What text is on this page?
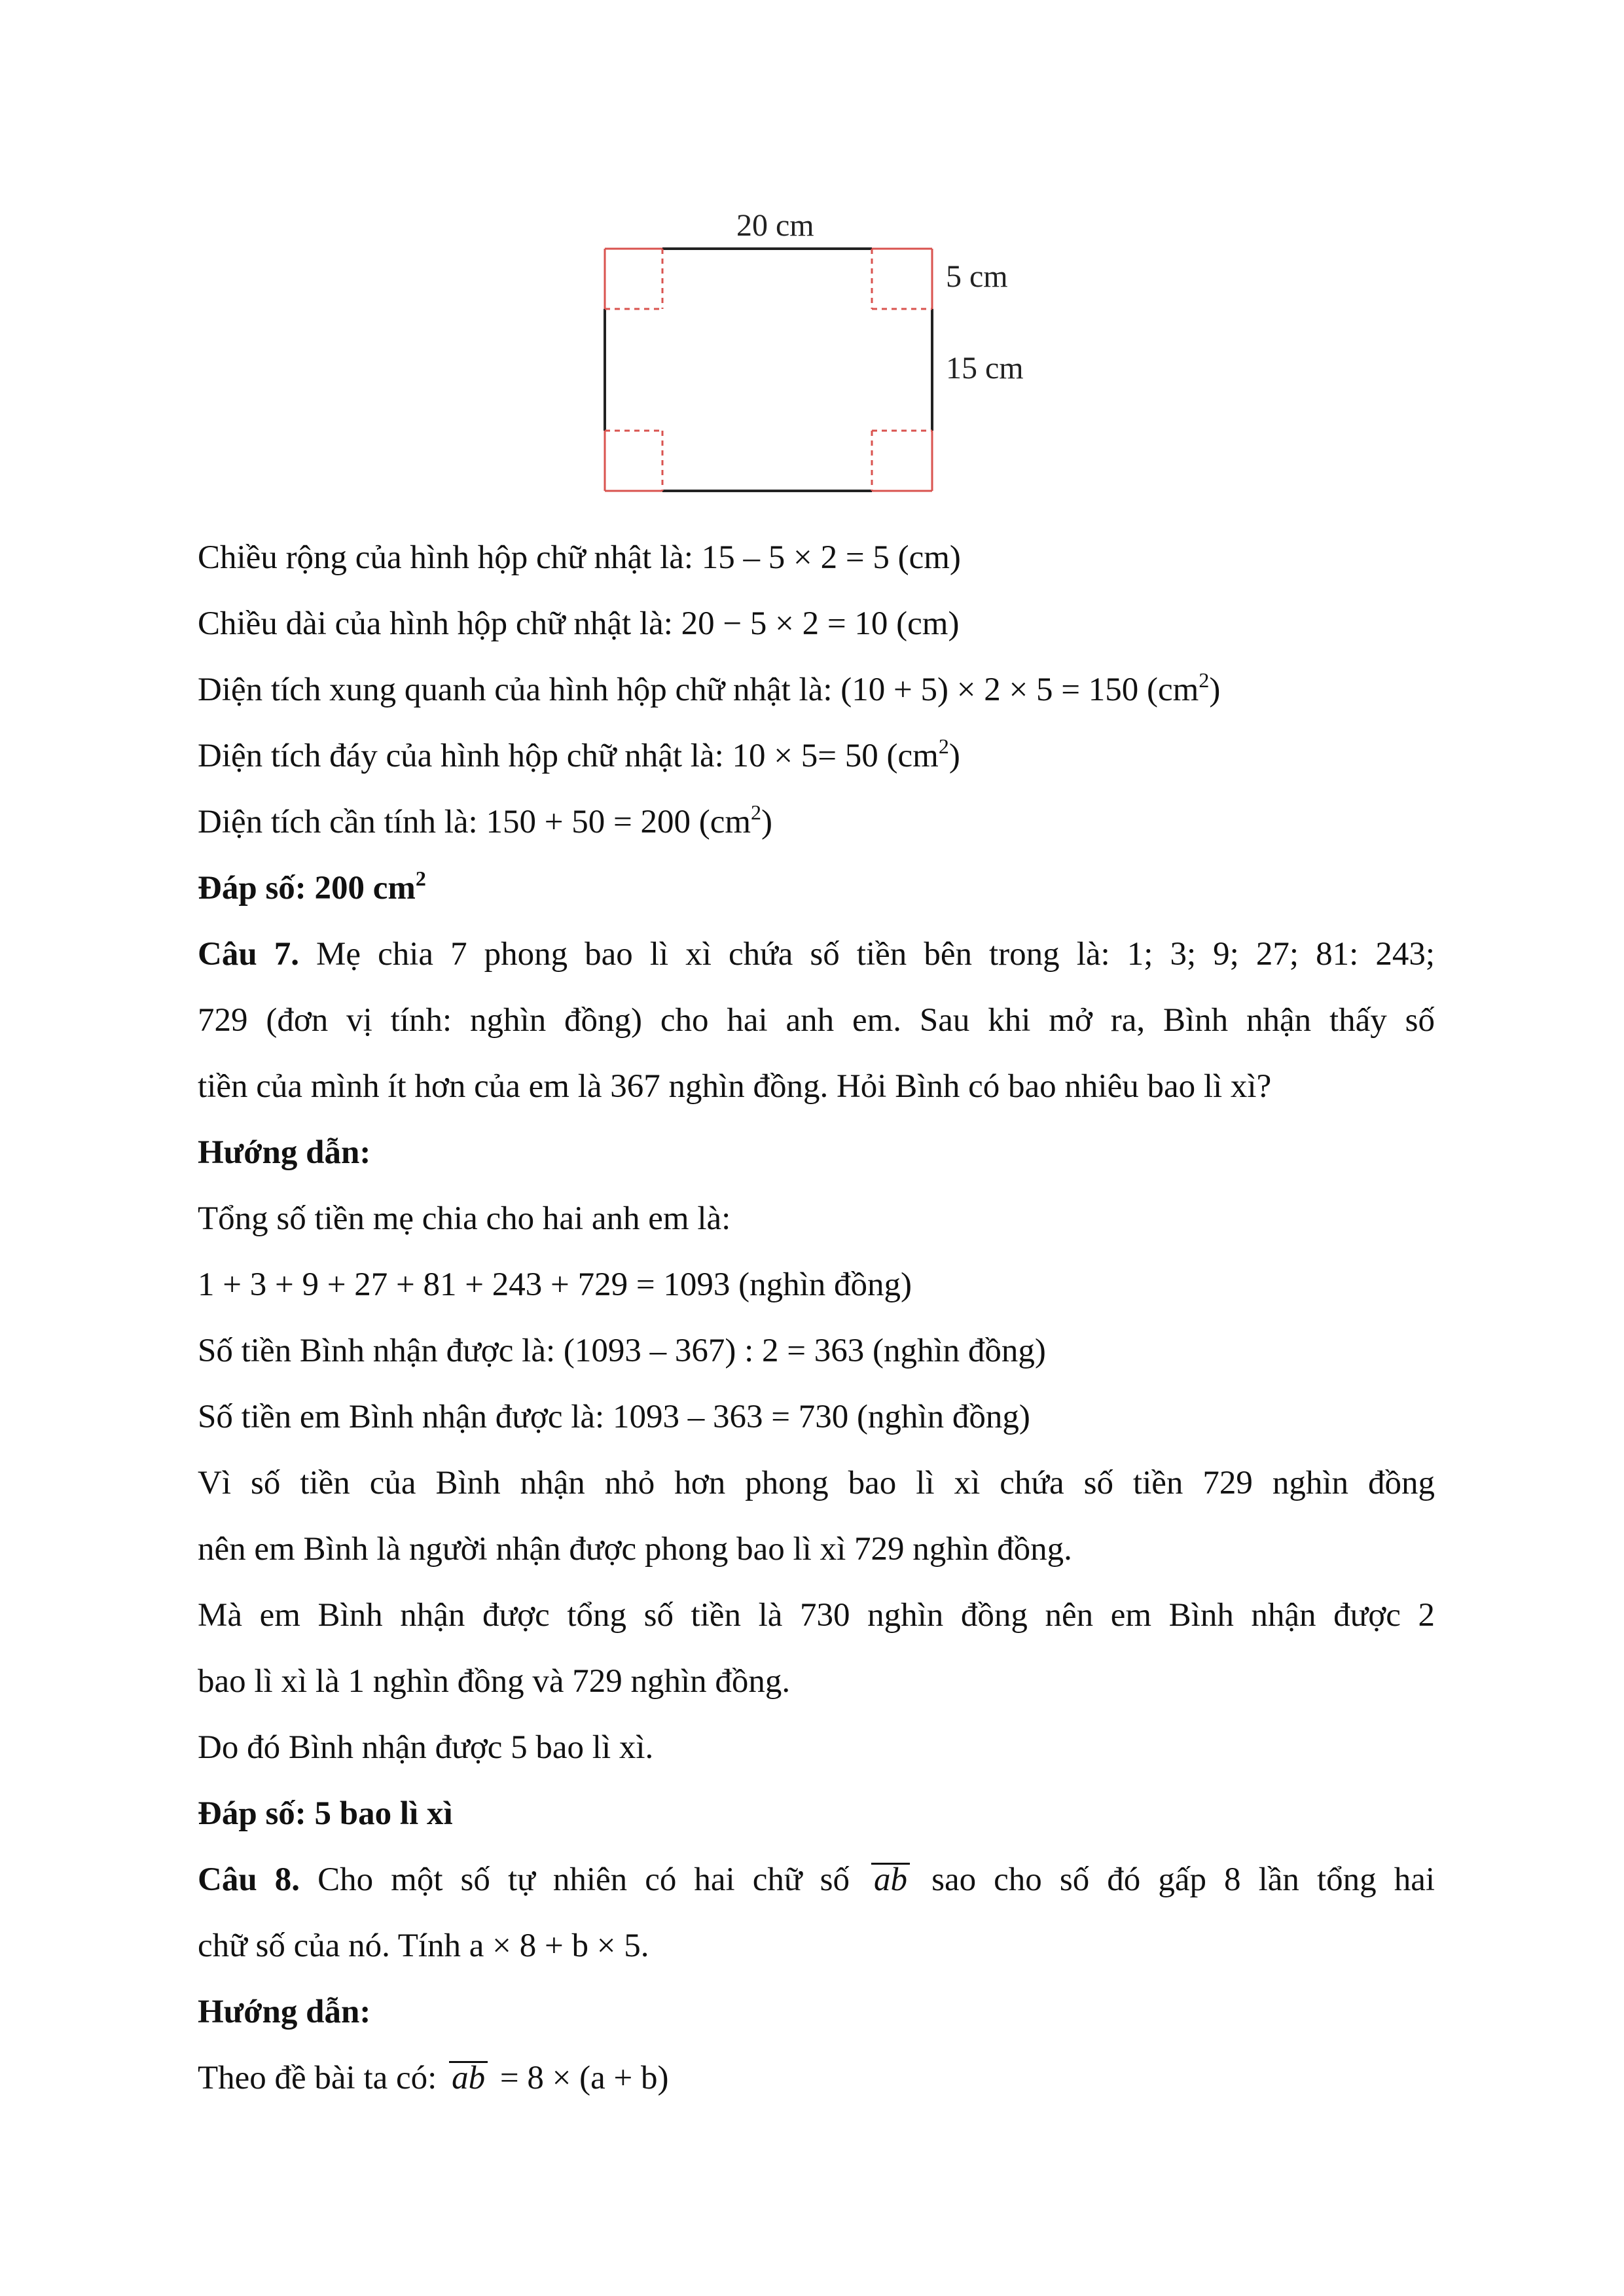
20 cm
5 cm
15 cm
Chiều rộng của hình hộp chữ nhật là: 15 – 5 × 2 = 5 (cm)
Chiều dài của hình hộp chữ nhật là: 20 − 5 × 2 = 10 (cm)
Diện tích xung quanh của hình hộp chữ nhật là: (10 + 5) × 2 × 5 = 150 $(cm^2)$
Diện tích đáy của hình hộp chữ nhật là: 10 × 5= 50 $(cm^2)$
Diện tích cần tính là: 150 + 50 = 200 $(cm^2)$
Đáp số: 200 $cm^2$
Câu 7. Mẹ chia 7 phong bao lì xì chứa số tiền bên trong là: 1; 3; 9; 27; 81: 243;
729 (đơn vị tính: nghìn đồng) cho hai anh em. Sau khi mở ra, Bình nhận thấy số
tiền của mình ít hơn của em là 367 nghìn đồng. Hỏi Bình có bao nhiêu bao lì xì?
Hướng dẫn:
Tổng số tiền mẹ chia cho hai anh em là:
1 + 3 + 9 + 27 + 81 + 243 + 729 = 1093 (nghìn đồng)
Số tiền Bình nhận được là: (1093 – 367) : 2 = 363 (nghìn đồng)
Số tiền em Bình nhận được là: 1093 – 363 = 730 (nghìn đồng)
Vì số tiền của Bình nhận nhỏ hơn phong bao lì xì chứa số tiền 729 nghìn đồng
nên em Bình là người nhận được phong bao lì xì 729 nghìn đồng.
Mà em Bình nhận được tổng số tiền là 730 nghìn đồng nên em Bình nhận được 2
bao lì xì là 1 nghìn đồng và 729 nghìn đồng.
Do đó Bình nhận được 5 bao lì xì.
Đáp số: 5 bao lì xì
Câu 8. Cho một số tự nhiên có hai chữ số ab sao cho số đó gấp 8 lần tổng hai
chữ số của nó. Tính a × 8 + b × 5.
Hướng dẫn:
Theo đề bài ta có: ab = 8 × (a + b)
